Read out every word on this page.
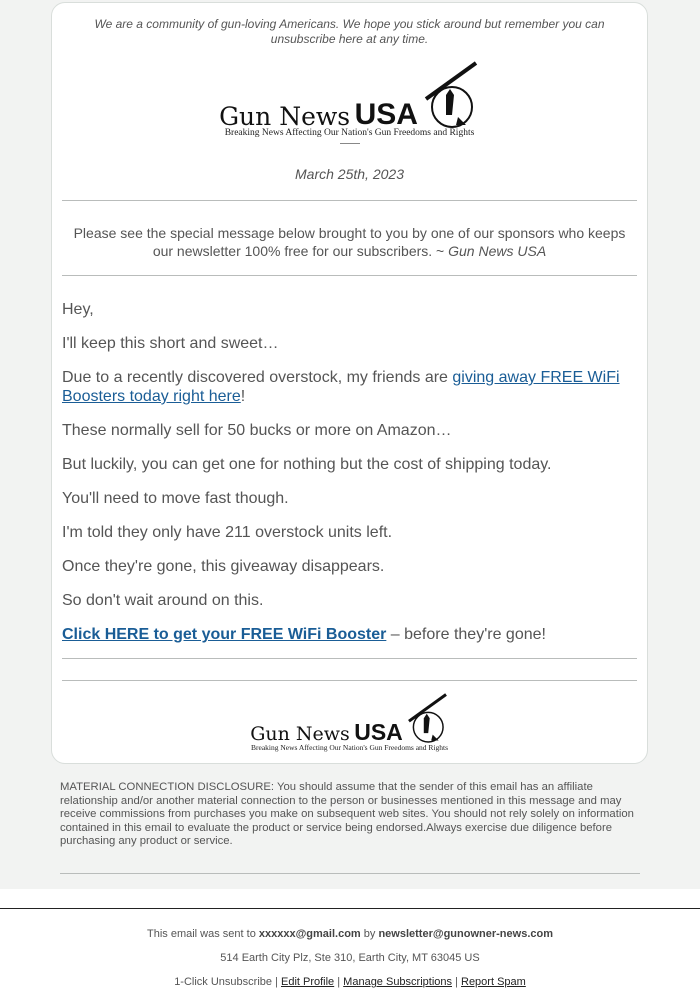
We are a community of gun-loving Americans. We hope you stick around but remember you can unsubscribe here at any time.
Gun News
USA
Breaking News Affecting Our Nation's Gun Freedoms and Rights
March 25th, 2023
Please see the special message below brought to you by one of our sponsors who keeps our newsletter 100% free for our subscribers. ~ Gun News USA

Hey,

I'll keep this short and sweet…

Due to a recently discovered overstock, my friends are giving away FREE WiFi Boosters today right here!

These normally sell for 50 bucks or more on Amazon…

But luckily, you can get one for nothing but the cost of shipping today.

You'll need to move fast though.

I'm told they only have 211 overstock units left.

Once they're gone, this giveaway disappears.

So don't wait around on this.

Click HERE to get your FREE WiFi Booster – before they're gone!

Gun News
USA
Breaking News Affecting Our Nation's Gun Freedoms and Rights
MATERIAL CONNECTION DISCLOSURE: You should assume that the sender of this email has an affiliate relationship and/or another material connection to the person or businesses mentioned in this message and may receive commissions from purchases you make on subsequent web sites. You should not rely solely on information contained in this email to evaluate the product or service being endorsed.Always exercise due diligence before purchasing any product or service.
This email was sent to xxxxxx@gmail.com by newsletter@gunowner-news.com
514 Earth City Plz, Ste 310, Earth City, MT 63045 US
1-Click Unsubscribe | Edit Profile | Manage Subscriptions | Report Spam
